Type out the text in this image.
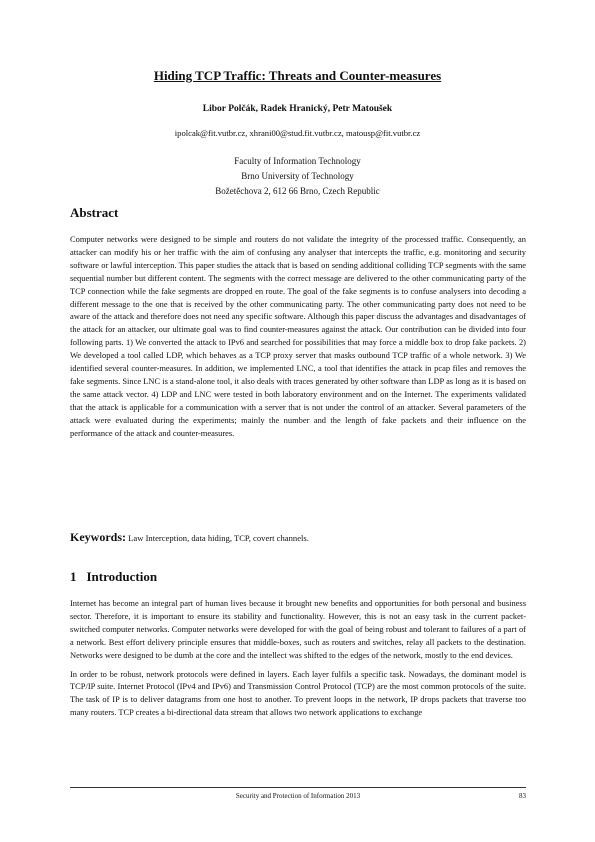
Hiding TCP Traffic: Threats and Counter-measures
Libor Polčák, Radek Hranický, Petr Matoušek
ipolcak@fit.vutbr.cz, xhrani00@stud.fit.vutbr.cz, matousp@fit.vutbr.cz
Faculty of Information Technology
Brno University of Technology
Božetěchova 2, 612 66 Brno, Czech Republic
Abstract

Computer networks were designed to be simple and routers do not validate the integrity of the processed traffic. Consequently, an attacker can modify his or her traffic with the aim of confusing any analyser that intercepts the traffic, e.g. monitoring and security software or lawful interception. This paper studies the attack that is based on sending additional colliding TCP segments with the same sequential number but different content. The segments with the correct message are delivered to the other communicating party of the TCP connection while the fake segments are dropped en route. The goal of the fake segments is to confuse analysers into decoding a different message to the one that is received by the other communicating party. The other communicating party does not need to be aware of the attack and therefore does not need any specific software. Although this paper discuss the advantages and disadvantages of the attack for an attacker, our ultimate goal was to find counter-measures against the attack. Our contribution can be divided into four following parts. 1) We converted the attack to IPv6 and searched for possibilities that may force a middle box to drop fake packets. 2) We developed a tool called LDP, which behaves as a TCP proxy server that masks outbound TCP traffic of a whole network. 3) We identified several counter-measures. In addition, we implemented LNC, a tool that identifies the attack in pcap files and removes the fake segments. Since LNC is a stand-alone tool, it also deals with traces generated by other software than LDP as long as it is based on the same attack vector. 4) LDP and LNC were tested in both laboratory environment and on the Internet. The experiments validated that the attack is applicable for a communication with a server that is not under the control of an attacker. Several parameters of the attack were evaluated during the experiments; mainly the number and the length of fake packets and their influence on the performance of the attack and counter-measures.

Keywords: Law Interception, data hiding, TCP, covert channels.
1 Introduction

Internet has become an integral part of human lives because it brought new benefits and opportunities for both personal and business sector. Therefore, it is important to ensure its stability and functionality. However, this is not an easy task in the current packet-switched computer networks. Computer networks were developed for with the goal of being robust and tolerant to failures of a part of a network. Best effort delivery principle ensures that middle-boxes, such as routers and switches, relay all packets to the destination. Networks were designed to be dumb at the core and the intellect was shifted to the edges of the network, mostly to the end devices.

In order to be robust, network protocols were defined in layers. Each layer fulfils a specific task. Nowadays, the dominant model is TCP/IP suite. Internet Protocol (IPv4 and IPv6) and Transmission Control Protocol (TCP) are the most common protocols of the suite. The task of IP is to deliver datagrams from one host to another. To prevent loops in the network, IP drops packets that traverse too many routers. TCP creates a bi-directional data stream that allows two network applications to exchange

Security and Protection of Information 2013	83
